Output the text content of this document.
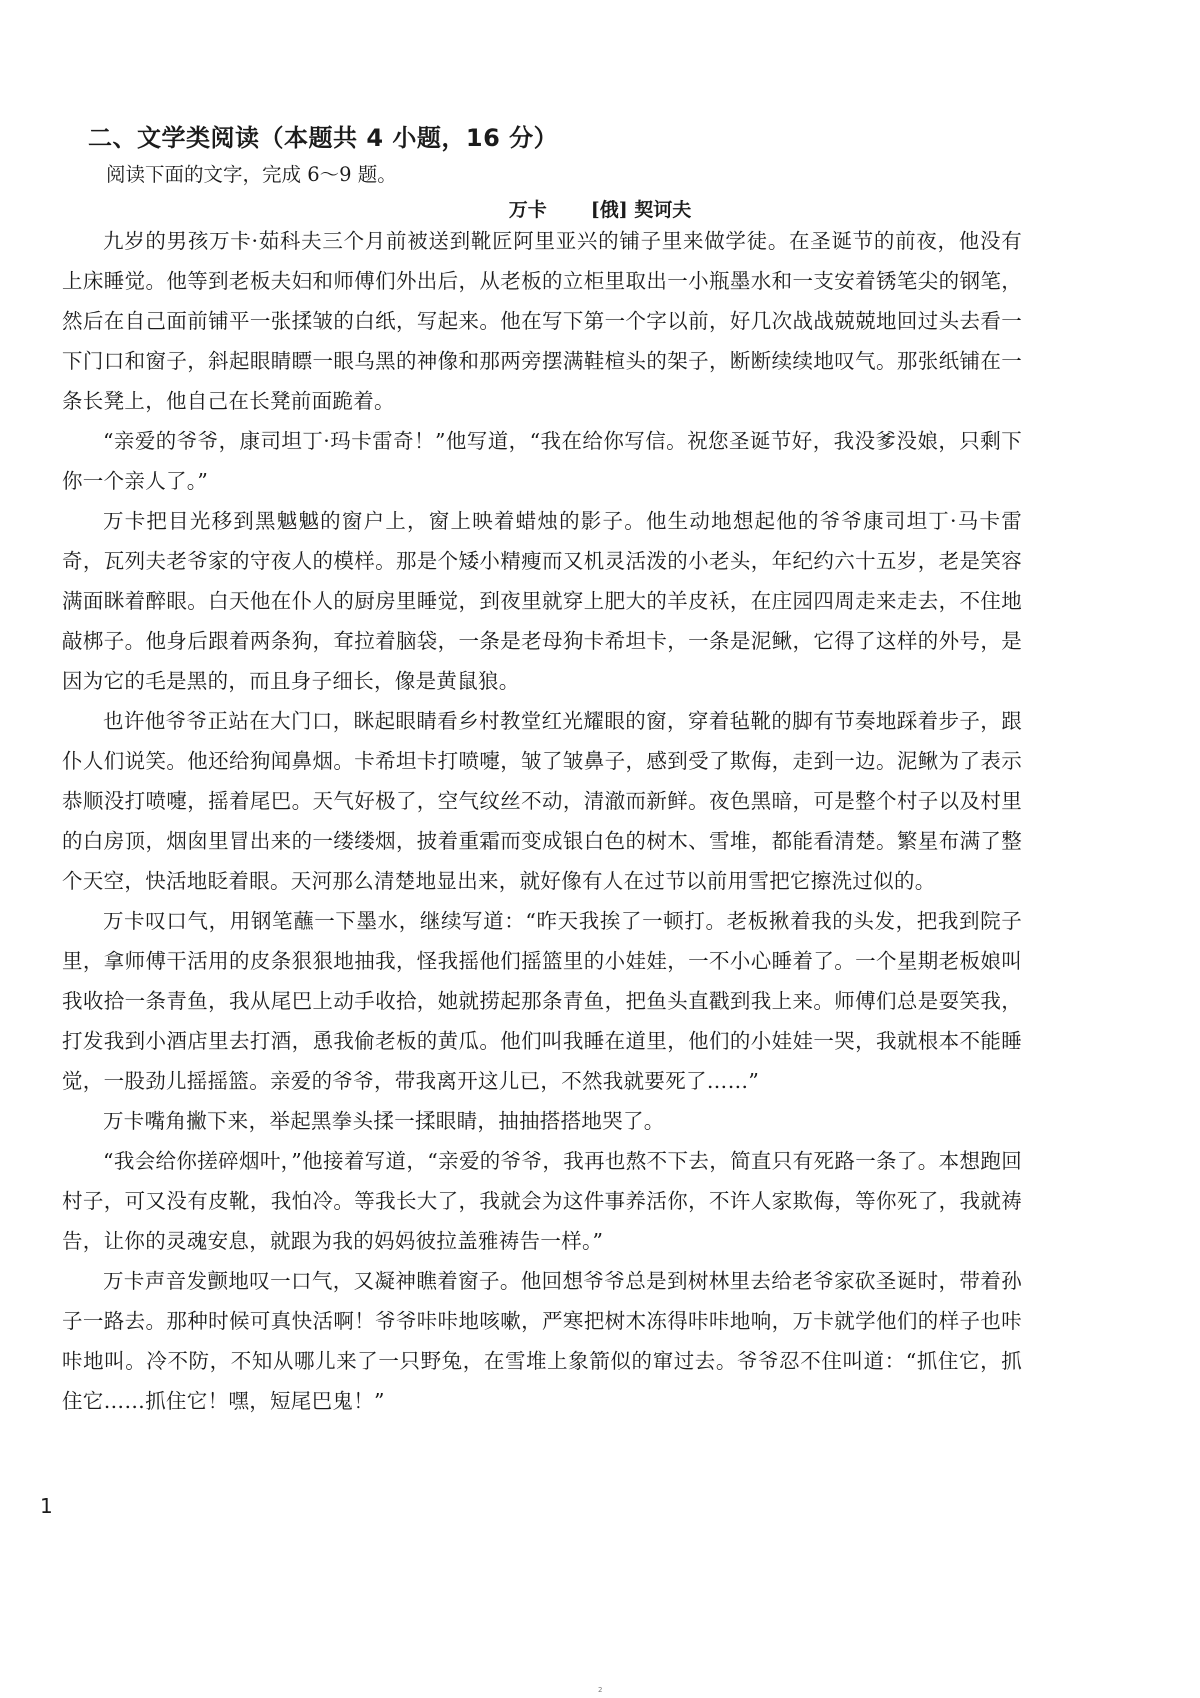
二、文学类阅读（本题共 4 小题，16 分）

阅读下面的文字，完成 6～9 题。

万卡 [俄] 契诃夫

九岁的男孩万卡·茹科夫三个月前被送到靴匠阿里亚兴的铺子里来做学徒。在圣诞节的前夜，他没有上床睡觉。他等到老板夫妇和师傅们外出后，从老板的立柜里取出一小瓶墨水和一支安着锈笔尖的钢笔，然后在自己面前铺平一张揉皱的白纸，写起来。他在写下第一个字以前，好几次战战兢兢地回过头去看一下门口和窗子，斜起眼睛瞟一眼乌黑的神像和那两旁摆满鞋楦头的架子，断断续续地叹气。那张纸铺在一条长凳上，他自己在长凳前面跪着。

“亲爱的爷爷，康司坦丁·玛卡雷奇！”他写道，“我在给你写信。祝您圣诞节好，我没爹没娘，只剩下你一个亲人了。”

万卡把目光移到黑魆魆的窗户上，窗上映着蜡烛的影子。他生动地想起他的爷爷康司坦丁·马卡雷奇，瓦列夫老爷家的守夜人的模样。那是个矮小精瘦而又机灵活泼的小老头，年纪约六十五岁，老是笑容满面眯着醉眼。白天他在仆人的厨房里睡觉，到夜里就穿上肥大的羊皮袄，在庄园四周走来走去，不住地敲梆子。他身后跟着两条狗，耷拉着脑袋，一条是老母狗卡希坦卡，一条是泥鳅，它得了这样的外号，是因为它的毛是黑的，而且身子细长，像是黄鼠狼。

也许他爷爷正站在大门口，眯起眼睛看乡村教堂红光耀眼的窗，穿着毡靴的脚有节奏地踩着步子，跟仆人们说笑。他还给狗闻鼻烟。卡希坦卡打喷嚏，皱了皱鼻子，感到受了欺侮，走到一边。泥鳅为了表示恭顺没打喷嚏，摇着尾巴。天气好极了，空气纹丝不动，清澈而新鲜。夜色黑暗，可是整个村子以及村里的白房顶，烟囱里冒出来的一缕缕烟，披着重霜而变成银白色的树木、雪堆，都能看清楚。繁星布满了整个天空，快活地眨着眼。天河那么清楚地显出来，就好像有人在过节以前用雪把它擦洗过似的。

万卡叹口气，用钢笔蘸一下墨水，继续写道：“昨天我挨了一顿打。老板揪着我的头发，把我到院子里，拿师傅干活用的皮条狠狠地抽我，怪我摇他们摇篮里的小娃娃，一不小心睡着了。一个星期老板娘叫我收拾一条青鱼，我从尾巴上动手收拾，她就捞起那条青鱼，把鱼头直戳到我上来。师傅们总是耍笑我，打发我到小酒店里去打酒，恿我偷老板的黄瓜。他们叫我睡在道里，他们的小娃娃一哭，我就根本不能睡觉，一股劲儿摇摇篮。亲爱的爷爷，带我离开这儿已，不然我就要死了……”

万卡嘴角撇下来，举起黑拳头揉一揉眼睛，抽抽搭搭地哭了。

“我会给你搓碎烟叶，”他接着写道，“亲爱的爷爷，我再也熬不下去，简直只有死路一条了。本想跑回村子，可又没有皮靴，我怕冷。等我长大了，我就会为这件事养活你，不许人家欺侮，等你死了，我就祷告，让你的灵魂安息，就跟为我的妈妈彼拉盖雅祷告一样。”

万卡声音发颤地叹一口气，又凝神瞧着窗子。他回想爷爷总是到树林里去给老爷家砍圣诞时，带着孙子一路去。那种时候可真快活啊！爷爷咔咔地咳嗽，严寒把树木冻得咔咔地响，万卡就学他们的样子也咔咔地叫。冷不防，不知从哪儿来了一只野兔，在雪堆上象箭似的窜过去。爷爷忍不住叫道：“抓住它，抓住它……抓住它！嘿，短尾巴鬼！”

1

2
